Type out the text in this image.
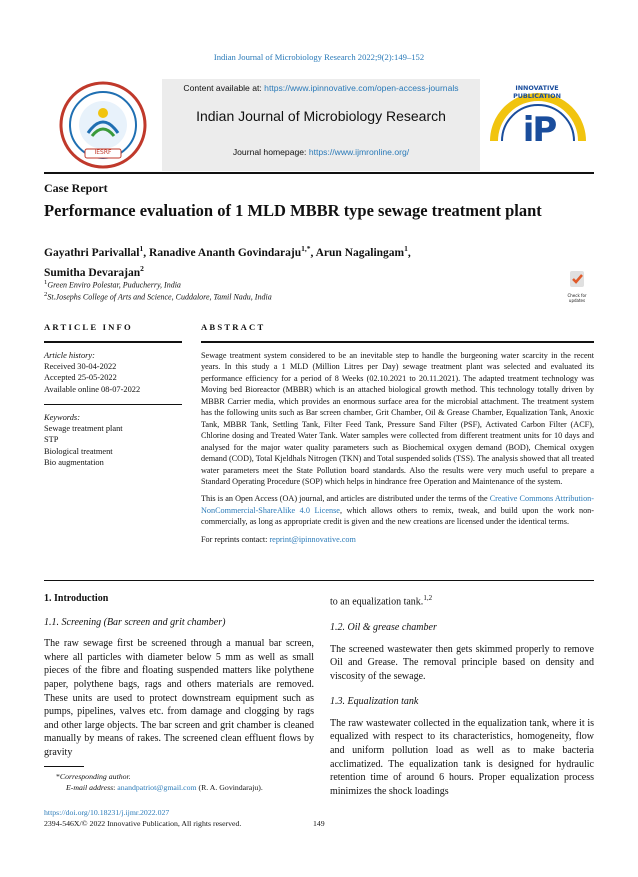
Indian Journal of Microbiology Research 2022;9(2):149–152
IESRF
iP
INNOVATIVE PUBLICATION
Content available at: https://www.ipinnovative.com/open-access-journals
Indian Journal of Microbiology Research
Journal homepage: https://www.ijmronline.org/
Case Report
Performance evaluation of 1 MLD MBBR type sewage treatment plant
Gayathri Parivallal$^1$, Ranadive Ananth Govindaraju$^{1,*}$, Arun Nagalingam$^1$,
Sumitha Devarajan$^2$
$^1$Green Enviro Polestar, Puducherry, India
$^2$St.Josephs College of Arts and Science, Cuddalore, Tamil Nadu, India	Check for updates
ARTICLE INFO	ABSTRACT
Article history:
Received 30-04-2022
Accepted 25-05-2022
Available online 08-07-2022
Keywords:
Sewage treatment plant
STP
Biological treatment
Bio augmentation

Sewage treatment system considered to be an inevitable step to handle the burgeoning water scarcity in the recent years. In this study a 1 MLD (Million Litres per Day) sewage treatment plant was selected and evaluated its performance efficiency for a period of 8 Weeks (02.10.2021 to 20.11.2021). The adapted treatment technology was Moving bed Bioreactor (MBBR) which is an attached biological growth method. This technology totally driven by MBBR Carrier media, which provides an enormous surface area for the microbial attachment. The treatment system has the following units such as Bar screen chamber, Grit Chamber, Oil & Grease Chamber, Equalization Tank, Anoxic Tank, MBBR Tank, Settling Tank, Filter Feed Tank, Pressure Sand Filter (PSF), Activated Carbon Filter (ACF), Chlorine dosing and Treated Water Tank. Water samples were collected from different treatment units for 10 days and analysed for the major water quality parameters such as Biochemical oxygen demand (BOD), Chemical oxygen demand (COD), Total Kjeldhals Nitrogen (TKN) and Total suspended solids (TSS). The analysis showed that all treated water parameters meet the State Pollution board standards. Also the results were very much useful to prepare a Standard Operating Procedure (SOP) which helps in hindrance free Operation and Maintenance of the system.

This is an Open Access (OA) journal, and articles are distributed under the terms of the Creative Commons Attribution-NonCommercial-ShareAlike 4.0 License, which allows others to remix, tweak, and build upon the work non-commercially, as long as appropriate credit is given and the new creations are licensed under the identical terms.

For reprints contact: reprint@ipinnovative.com

1. Introduction
1.1. Screening (Bar screen and grit chamber)
The raw sewage first be screened through a manual bar screen, where all particles with diameter below 5 mm as well as small pieces of the fibre and floating suspended matters like polythene paper, polythene bags, rags and others materials are removed. These units are used to protect downstream equipment such as pumps, pipelines, valves etc. from damage and clogging by rags and other large objects. The bar screen and grit chamber is cleaned manually by means of rakes. The screened clean effluent flows by gravity
to an equalization tank.$^{1,2}$
1.2. Oil & grease chamber
The screened wastewater then gets skimmed properly to remove Oil and Grease. The removal principle based on density and viscosity of the sewage.
1.3. Equalization tank
The raw wastewater collected in the equalization tank, where it is equalized with respect to its characteristics, homogeneity, flow and uniform pollution load as well as to make bacteria acclimatized. The equalization tank is designed for hydraulic retention time of around 6 hours. Proper equalization process minimizes the shock loadings
*Corresponding author.
E-mail address: anandpatriot@gmail.com (R. A. Govindaraju).
https://doi.org/10.18231/j.ijmr.2022.027
2394-546X/© 2022 Innovative Publication, All rights reserved.	149
